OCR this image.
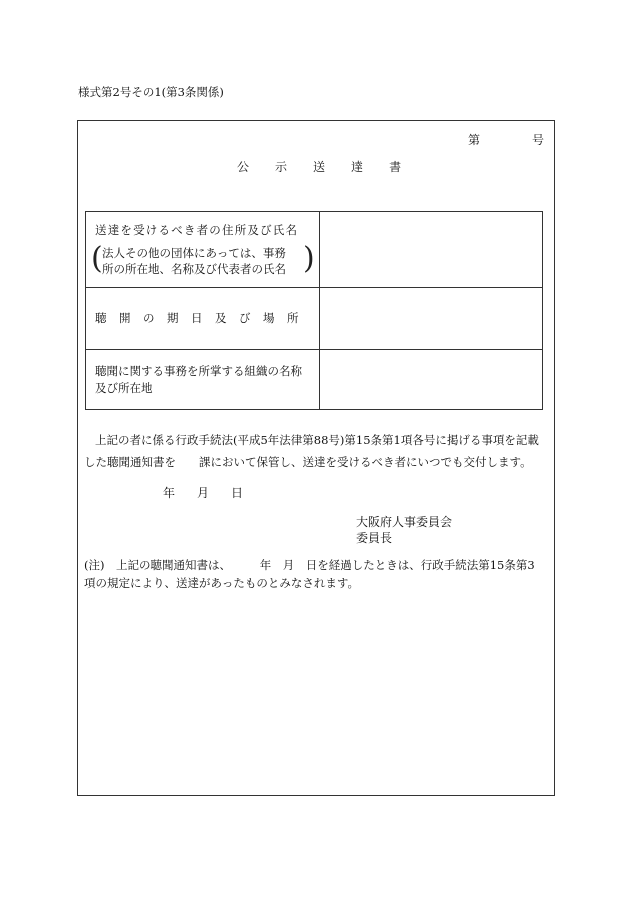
様式第2号その1(第3条関係)
第	号
公 示 送 達 書
送達を受けるべき者の住所及び氏名
( 法人その他の団体にあっては、事務
所の所在地、名称及び代表者の氏名 )
聴　開　の　期　日　及　び　場　所
聴聞に関する事務を所掌する組織の名称
及び所在地
上記の者に係る行政手続法(平成5年法律第88号)第15条第1項各号に掲げる事項を記載
した聴聞通知書を　　課において保管し、送達を受けるべき者にいつでも交付します。
年 月 日
大阪府人事委員会
委員長
(注)　上記の聴聞通知書は、　　　年　月　日を経過したときは、行政手続法第15条第3
項の規定により、送達があったものとみなされます。
